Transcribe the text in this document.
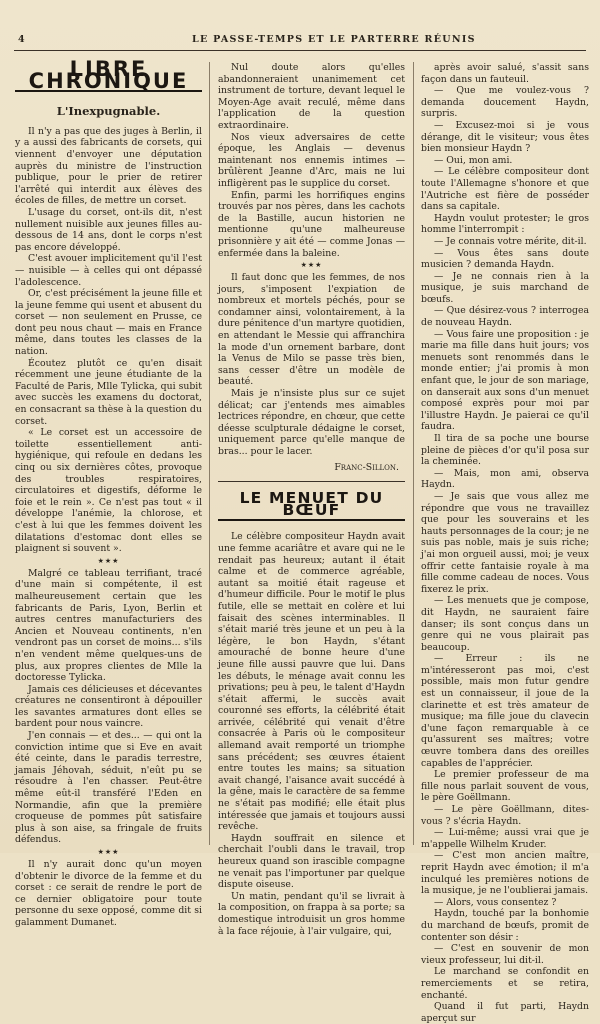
4	LE PASSE-TEMPS ET LE PARTERRE RÉUNIS
LIBRE CHRONIQUE
L'Inexpugnable.

Il n'y a pas que des juges à Berlin, il y a aussi des fabricants de corsets, qui viennent d'envoyer une députation auprès du ministre de l'instruction publique, pour le prier de retirer l'arrêté qui interdit aux élèves des écoles de filles, de mettre un corset.

L'usage du corset, ont-ils dit, n'est nullement nuisible aux jeunes filles au-dessous de 14 ans, dont le corps n'est pas encore développé.

C'est avouer implicitement qu'il l'est — nuisible — à celles qui ont dépassé l'adolescence.

Or, c'est précisément la jeune fille et la jeune femme qui usent et abusent du corset — non seulement en Prusse, ce dont peu nous chaut — mais en France même, dans toutes les classes de la nation.

Écoutez plutôt ce qu'en disait récemment une jeune étudiante de la Faculté de Paris, Mlle Tylicka, qui subit avec succès les examens du doctorat, en consacrant sa thèse à la question du corset.

« Le corset est un accessoire de toilette essentiellement anti-hygiénique, qui refoule en dedans les cinq ou six dernières côtes, provoque des troubles respiratoires, circulatoires et digestifs, déforme le foie et le rein ». Ce n'est pas tout « il développe l'anémie, la chlorose, et c'est à lui que les femmes doivent les dilatations d'estomac dont elles se plaignent si souvent ».

★★★

Malgré ce tableau terrifiant, tracé d'une main si compétente, il est malheureusement certain que les fabricants de Paris, Lyon, Berlin et autres centres manufacturiers des Ancien et Nouveau continents, n'en vendront pas un corset de moins... s'ils n'en vendent même quelques-uns de plus, aux propres clientes de Mlle la doctoresse Tylicka.

Jamais ces délicieuses et décevantes créatures ne consentiront à dépouiller les savantes armatures dont elles se bardent pour nous vaincre.

J'en connais — et des... — qui ont la conviction intime que si Eve en avait été ceinte, dans le paradis terrestre, jamais Jéhovah, séduit, n'eût pu se résoudre à l'en chasser. Peut-être même eût-il transféré l'Eden en Normandie, afin que la première croqueuse de pommes pût satisfaire plus à son aise, sa fringale de fruits défendus.

★★★

Il n'y aurait donc qu'un moyen d'obtenir le divorce de la femme et du corset : ce serait de rendre le port de ce dernier obligatoire pour toute personne du sexe opposé, comme dit si galamment Dumanet.

Nul doute alors qu'elles abandonneraient unanimement cet instrument de torture, devant lequel le Moyen-Age avait reculé, même dans l'application de la question extraordinaire.

Nos vieux adversaires de cette époque, les Anglais — devenus maintenant nos ennemis intimes — brûlèrent Jeanne d'Arc, mais ne lui infligèrent pas le supplice du corset.

Enfin, parmi les horrifiques engins trouvés par nos pères, dans les cachots de la Bastille, aucun historien ne mentionne qu'une malheureuse prisonnière y ait été — comme Jonas — enfermée dans la baleine.

★★★

Il faut donc que les femmes, de nos jours, s'imposent l'expiation de nombreux et mortels péchés, pour se condamner ainsi, volontairement, à la dure pénitence d'un martyre quotidien, en attendant le Messie qui affranchira la mode d'un ornement barbare, dont la Venus de Milo se passe très bien, sans cesser d'être un modèle de beauté.

Mais je n'insiste plus sur ce sujet délicat; car j'entends mes aimables lectrices répondre, en chœur, que cette déesse sculpturale dédaigne le corset, uniquement parce qu'elle manque de bras... pour le lacer.

Franc-Sillon.
LE MENUET DU BŒUF

Le célèbre compositeur Haydn avait une femme acariâtre et avare qui ne le rendait pas heureux; autant il était calme et de commerce agréable, autant sa moitié était rageuse et d'humeur difficile. Pour le motif le plus futile, elle se mettait en colère et lui faisait des scènes interminables. Il s'était marié très jeune et un peu à la légère, le bon Haydn, s'étant amouraché de bonne heure d'une jeune fille aussi pauvre que lui. Dans les débuts, le ménage avait connu les privations; peu à peu, le talent d'Haydn s'était affermi, le succès avait couronné ses efforts, la célébrité était arrivée, célébrité qui venait d'être consacrée à Paris où le compositeur allemand avait remporté un triomphe sans précédent; ses œuvres étaient entre toutes les mains; sa situation avait changé, l'aisance avait succédé à la gêne, mais le caractère de sa femme ne s'était pas modifié; elle était plus intéressée que jamais et toujours aussi revêche.

Haydn souffrait en silence et cherchait l'oubli dans le travail, trop heureux quand son irascible compagne ne venait pas l'importuner par quelque dispute oiseuse.

Un matin, pendant qu'il se livrait à la composition, on frappa à sa porte; sa domestique introduisit un gros homme à la face réjouie, à l'air vulgaire, qui,

après avoir salué, s'assit sans façon dans un fauteuil.

— Que me voulez-vous ? demanda doucement Haydn, surpris.

— Excusez-moi si je vous dérange, dit le visiteur; vous êtes bien monsieur Haydn ?

— Oui, mon ami.

— Le célèbre compositeur dont toute l'Allemagne s'honore et que l'Autriche est fière de posséder dans sa capitale.

Haydn voulut protester; le gros homme l'interrompit :

— Je connais votre mérite, dit-il.

— Vous êtes sans doute musicien ? demanda Haydn.

— Je ne connais rien à la musique, je suis marchand de bœufs.

— Que désirez-vous ? interrogea de nouveau Haydn.

— Vous faire une proposition : je marie ma fille dans huit jours; vos menuets sont renommés dans le monde entier; j'ai promis à mon enfant que, le jour de son mariage, on danserait aux sons d'un menuet composé exprès pour moi par l'illustre Haydn. Je paierai ce qu'il faudra.

Il tira de sa poche une bourse pleine de pièces d'or qu'il posa sur la cheminée.

— Mais, mon ami, observa Haydn.

— Je sais que vous allez me répondre que vous ne travaillez que pour les souverains et les hauts personnages de la cour; je ne suis pas noble, mais je suis riche; j'ai mon orgueil aussi, moi; je veux offrir cette fantaisie royale à ma fille comme cadeau de noces. Vous fixerez le prix.

— Les menuets que je compose, dit Haydn, ne sauraient faire danser; ils sont conçus dans un genre qui ne vous plairait pas beaucoup.

— Erreur : ils ne m'intéresseront pas moi, c'est possible, mais mon futur gendre est un connaisseur, il joue de la clarinette et est très amateur de musique; ma fille joue du clavecin d'une façon remarquable à ce qu'assurent ses maîtres; votre œuvre tombera dans des oreilles capables de l'apprécier.

Le premier professeur de ma fille nous parlait souvent de vous, le père Goëllmann.

— Le père Goëllmann, dites-vous ? s'écria Haydn.

— Lui-même; aussi vrai que je m'appelle Wilhelm Kruder.

— C'est mon ancien maître, reprit Haydn avec émotion; il m'a inculqué les premières notions de la musique, je ne l'oublierai jamais.

— Alors, vous consentez ?

Haydn, touché par la bonhomie du marchand de bœufs, promit de contenter son désir :

— C'est en souvenir de mon vieux professeur, lui dit-il.

Le marchand se confondit en remerciements et se retira, enchanté.

Quand il fut parti, Haydn aperçut sur
